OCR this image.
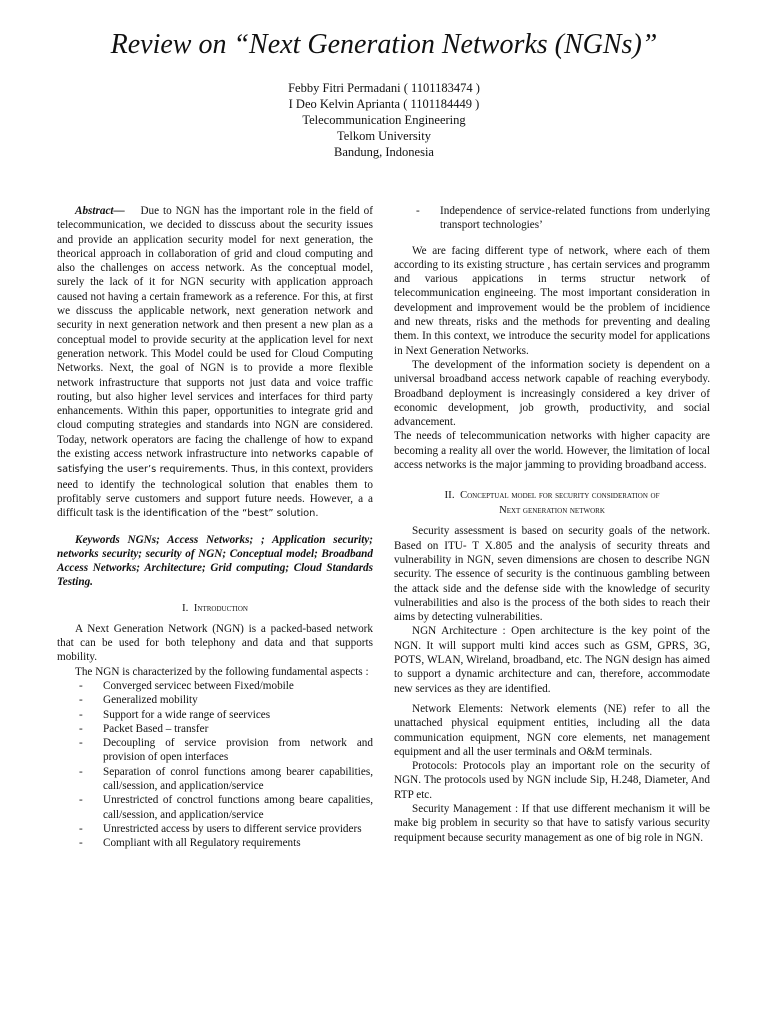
Review on “Next Generation Networks (NGNs)”
Febby Fitri Permadani ( 1101183474 )
I Deo Kelvin Aprianta ( 1101184449 )
Telecommunication Engineering
Telkom University
Bandung, Indonesia

Abstract— Due to NGN has the important role in the field of telecommunication, we decided to disscuss about the security issues and provide an application security model for next generation, the theorical approach in collaboration of grid and cloud computing and also the challenges on access network. As the conceptual model, surely the lack of it for NGN security with application approach caused not having a certain framework as a reference. For this, at first we disscuss the applicable network, next generation network and security in next generation network and then present a new plan as a conceptual model to provide security at the application level for next generation network. This Model could be used for Cloud Computing Networks. Next, the goal of NGN is to provide a more flexible network infrastructure that supports not just data and voice traffic routing, but also higher level services and interfaces for third party enhancements. Within this paper, opportunities to integrate grid and cloud computing strategies and standards into NGN are considered. Today, network operators are facing the challenge of how to expand the existing access network infrastructure into networks capable of satisfying the user’s requirements. Thus, in this context, providers need to identify the technological solution that enables them to profitably serve customers and support future needs. However, a a difficult task is the identification of the “best” solution.

Keywords NGNs; Access Networks; ; Application security; networks security; security of NGN; Conceptual model; Broadband Access Networks; Architecture; Grid computing; Cloud Standards Testing.

I. Introduction

A Next Generation Network (NGN) is a packed-based network that can be used for both telephony and data and that supports mobility.

The NGN is characterized by the following fundamental aspects :

- Converged servicec between Fixed/mobile
- Generalized mobility
- Support for a wide range of seervices
- Packet Based – transfer
- Decoupling of service provision from network and provision of open interfaces
- Separation of conrol functions among bearer capabilities, call/session, and application/service
- Unrestricted of conctrol functions among beare capalities, call/session, and application/service
- Unrestricted access by users to different service providers
- Compliant with all Regulatory requirements
- Independence of service-related functions from underlying transport technologies’

We are facing different type of network, where each of them according to its existing structure , has certain services and programm and various appications in terms structur network of telecommunication engineeing. The most important consideration in development and improvement would be the problem of incidience and new threats, risks and the methods for preventing and dealing them. In this context, we introduce the security model for applications in Next Generation Networks.

The development of the information society is dependent on a universal broadband access network capable of reaching everybody. Broadband deployment is increasingly considered a key driver of economic development, job growth, productivity, and social advancement.

The needs of telecommunication networks with higher capacity are becoming a reality all over the world. However, the limitation of local access networks is the major jamming to providing broadband access.

II. Conceptual model for security consideration of
Next generation network

Security assessment is based on security goals of the network. Based on ITU- T X.805 and the analysis of security threats and vulnerability in NGN, seven dimensions are chosen to describe NGN security. The essence of security is the continuous gambling between the attack side and the defense side with the knowledge of security vulnerabilities and also is the process of the both sides to reach their aims by detecting vulnerabilities.

NGN Architecture : Open architecture is the key point of the NGN. It will support multi kind acces such as GSM, GPRS, 3G, POTS, WLAN, Wireland, broadband, etc. The NGN design has aimed to support a dynamic architecture and can, therefore, accommodate new services as they are identified.

Network Elements: Network elements (NE) refer to all the unattached physical equipment entities, including all the data communication equipment, NGN core elements, net management equipment and all the user terminals and O&M terminals.

Protocols: Protocols play an important role on the security of NGN. The protocols used by NGN include Sip, H.248, Diameter, And RTP etc.

Security Management : If that use different mechanism it will be make big problem in security so that have to satisfy various security requipment because security management as one of big role in NGN.
